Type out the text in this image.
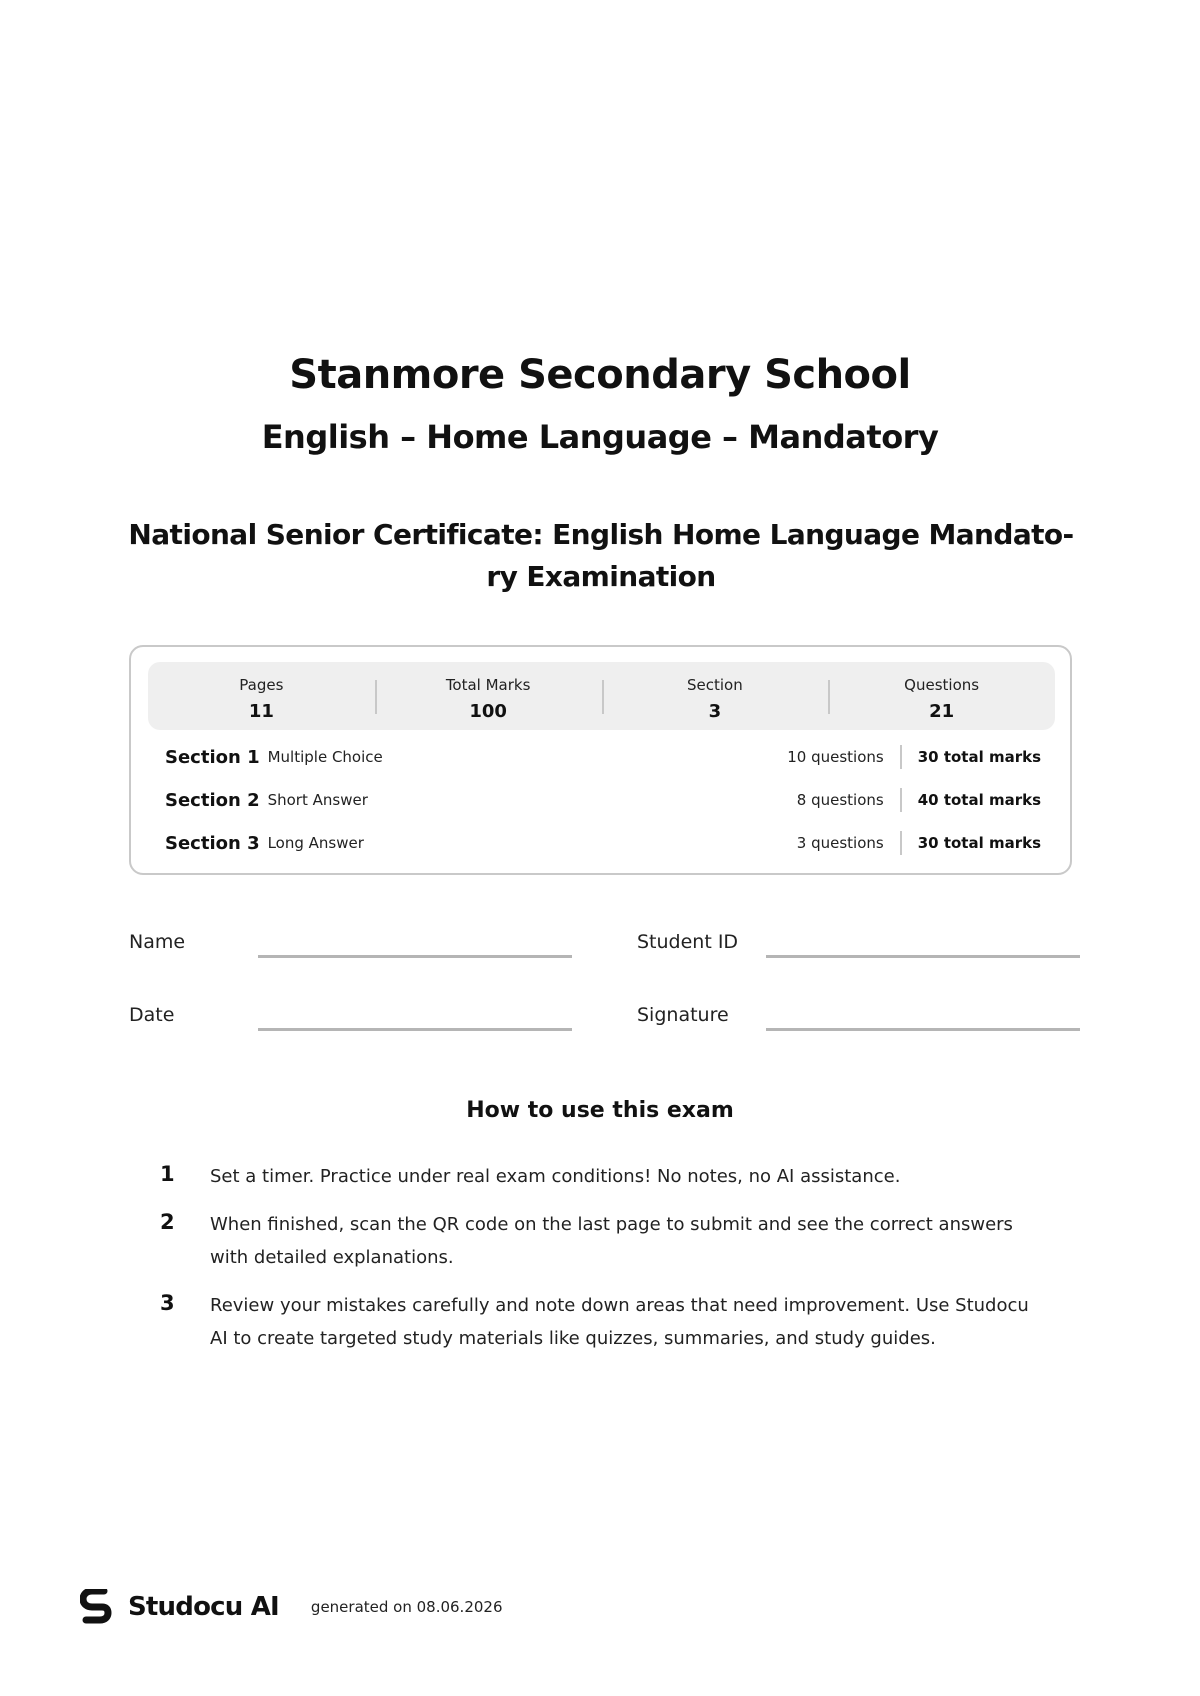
Stanmore Secondary School
English – Home Language – Mandatory
National Senior Certificate: English Home Language Mandato-
ry Examination
Pages
11
Total Marks
100
Section
3
Questions
21
Section 1 Multiple Choice	10 questions	30 total marks
Section 2 Short Answer	8 questions	40 total marks
Section 3 Long Answer	3 questions	30 total marks
Name	Student ID
Date	Signature
How to use this exam
1 Set a timer. Practice under real exam conditions! No notes, no AI assistance.
2 When finished, scan the QR code on the last page to submit and see the correct answers
with detailed explanations.
3 Review your mistakes carefully and note down areas that need improvement. Use Studocu
AI to create targeted study materials like quizzes, summaries, and study guides.
Studocu AI generated on 08.06.2026
